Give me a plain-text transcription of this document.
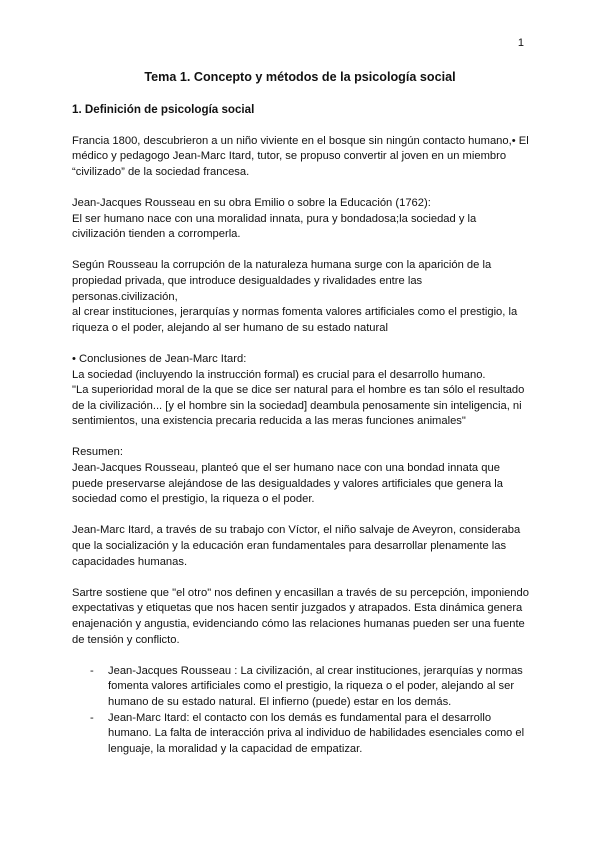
1
Tema 1. Concepto y métodos de la psicología social
1. Definición de psicología social

Francia 1800, descubrieron a un niño viviente en el bosque sin ningún contacto humano,• El
médico y pedagogo Jean-Marc Itard, tutor, se propuso convertir al joven en un miembro
“civilizado” de la sociedad francesa.

Jean-Jacques Rousseau en su obra Emilio o sobre la Educación (1762):
El ser humano nace con una moralidad innata, pura y bondadosa;la sociedad y la
civilización tienden a corromperla.

Según Rousseau la corrupción de la naturaleza humana surge con la aparición de la
propiedad privada, que introduce desigualdades y rivalidades entre las personas.civilización,
al crear instituciones, jerarquías y normas fomenta valores artificiales como el prestigio, la
riqueza o el poder, alejando al ser humano de su estado natural

• Conclusiones de Jean-Marc Itard:
La sociedad (incluyendo la instrucción formal) es crucial para el desarrollo humano.
"La superioridad moral de la que se dice ser natural para el hombre es tan sólo el resultado
de la civilización... [y el hombre sin la sociedad] deambula penosamente sin inteligencia, ni
sentimientos, una existencia precaria reducida a las meras funciones animales"

Resumen:
Jean-Jacques Rousseau, planteó que el ser humano nace con una bondad innata que
puede preservarse alejándose de las desigualdades y valores artificiales que genera la
sociedad como el prestigio, la riqueza o el poder.

Jean-Marc Itard, a través de su trabajo con Víctor, el niño salvaje de Aveyron, consideraba
que la socialización y la educación eran fundamentales para desarrollar plenamente las
capacidades humanas.

Sartre sostiene que "el otro" nos definen y encasillan a través de su percepción, imponiendo
expectativas y etiquetas que nos hacen sentir juzgados y atrapados. Esta dinámica genera
enajenación y angustia, evidenciando cómo las relaciones humanas pueden ser una fuente
de tensión y conflicto.

- Jean-Jacques Rousseau : La civilización, al crear instituciones, jerarquías y normas
fomenta valores artificiales como el prestigio, la riqueza o el poder, alejando al ser
humano de su estado natural. El infierno (puede) estar en los demás.
- Jean-Marc Itard: el contacto con los demás es fundamental para el desarrollo
humano. La falta de interacción priva al individuo de habilidades esenciales como el
lenguaje, la moralidad y la capacidad de empatizar.
